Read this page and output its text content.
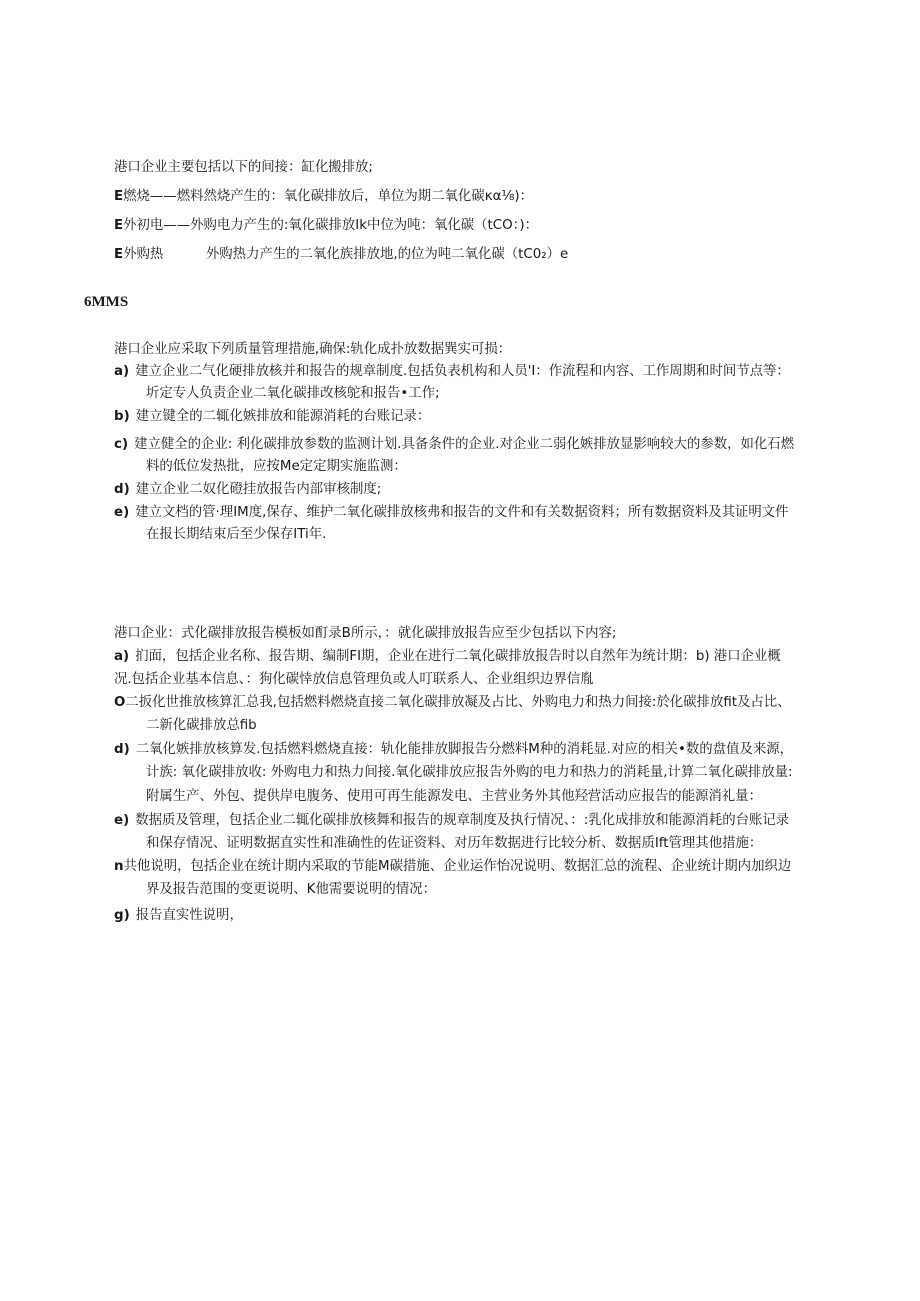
港口企业主要包括以下的间接：缸化搬排放;
E燃烧——燃料然烧产生的：氧化碳排放后，单位为期二氧化碳κα⅛)：
E外初电——外购电力产生的:氧化碳排放Ik中位为吨：氧化碳（tCO：)：
E外购热          外购热力产生的二氧化族排放地,的位为吨二氧化碳（tC0₂）e
6MMS
港口企业应采取下列质量管理措施,确保:轨化成扑放数据巽实可损：
a) 建立企业二气化硬排放核并和报告的规章制度.包括负表机构和人员'I：作流程和内容、工作周期和时间节点等：
圻定专人负责企业二氧化碳排改核鸵和报告•工作;
b) 建立键全的二辄化嫉排放和能源消耗的台账记录：
c) 建立健全的企业: 利化碳排放参数的监测计划.具备条件的企业.对企业二弱化嫉排放显影响较大的参数，如化石燃
料的低位发热批，应按Me定定期实施监测：
d) 建立企业二奴化磴挂放报告内部审核制度;
e) 建立文档的管·理IM度,保存、维护二氧化碳排放核弗和报告的文件和有关数据资料；所有数据资料及其证明文件
在报长期结束后至少保存ITi年.
港口企业：式化碳排放报告模板如酊录B所示，：就化碳排放报告应至少包括以下内容;
a) 扪面，包括企业名称、报告期、编制FI期，企业在进行二氧化碳排放报告时以自然年为统计期：b) 港口企业概
况.包括企业基本信息、：狗化碳悻放信息管理负或人叮联系人、企业组织边界信胤
O二扳化世推放核算汇总我,包括燃料燃烧直接二氧化碳排放凝及占比、外购电力和热力间接:於化碳排放fit及占比、
二新化碳排放总fib
d) 二氧化嫉排放核算发.包括燃料燃烧直接：轨化能排放脚报告分燃料M种的消耗显.对应的相关•数的盘值及来源，
计族: 氧化碳排放收: 外购电力和热力间接.氧化碳排放应报告外购的电力和热力的消耗量,计算二氧化碳排放量:
附属生产、外包、提供岸电腹务、使用可再生能源发电、主营业务外其他羟营活动应报告的能源消礼量：
e) 数据质及管理，包括企业二辄化碳排放核舞和报告的规章制度及执行情况、：:乳化成排放和能源消耗的台账记录
和保存情况、证明数据直实性和准确性的佐证资料、对历年数据进行比较分析、数据质Ift管理其他措施：
n共他说明，包括企业在统计期内采取的节能M碳措施、企业运作怡况说明、数据汇总的流程、企业统计期内加织边
界及报告范围的变更说明、K他需要说明的情况：
g) 报告直实性说明，
